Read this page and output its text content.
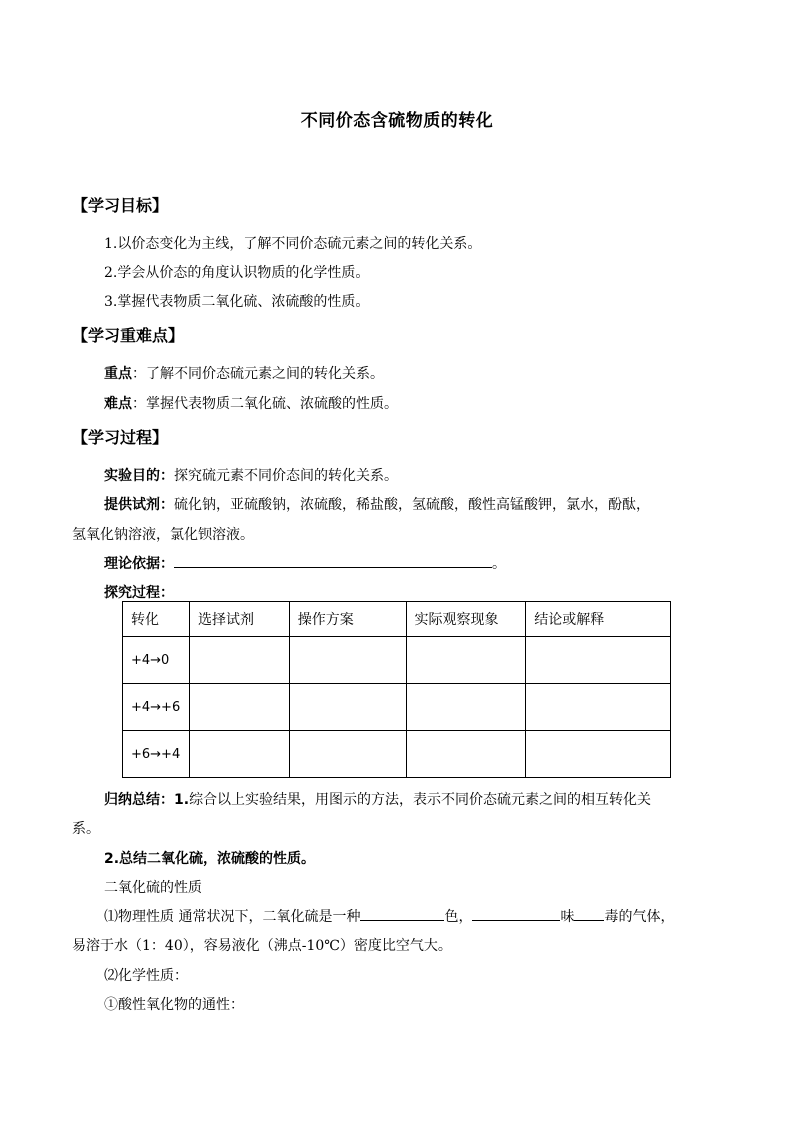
不同价态含硫物质的转化
【学习目标】
1.以价态变化为主线，了解不同价态硫元素之间的转化关系。
2.学会从价态的角度认识物质的化学性质。
3.掌握代表物质二氧化硫、浓硫酸的性质。
【学习重难点】
重点：了解不同价态硫元素之间的转化关系。
难点：掌握代表物质二氧化硫、浓硫酸的性质。
【学习过程】
实验目的：探究硫元素不同价态间的转化关系。
提供试剂：硫化钠，亚硫酸钠，浓硫酸，稀盐酸，氢硫酸，酸性高锰酸钾，氯水，酚酞，
氢氧化钠溶液，氯化钡溶液。
理论依据：	。
探究过程：
转化	选择试剂	操作方案	实际观察现象	结论或解释
+4→0				
+4→+6				
+6→+4				
归纳总结：1.综合以上实验结果，用图示的方法，表示不同价态硫元素之间的相互转化关
系。
2.总结二氧化硫，浓硫酸的性质。
二氧化硫的性质
⑴物理性质 通常状况下，二氧化硫是一种	色，	味 毒的气体，
易溶于水（1：40），容易液化（沸点-10℃）密度比空气大。
⑵化学性质：
①酸性氧化物的通性：
